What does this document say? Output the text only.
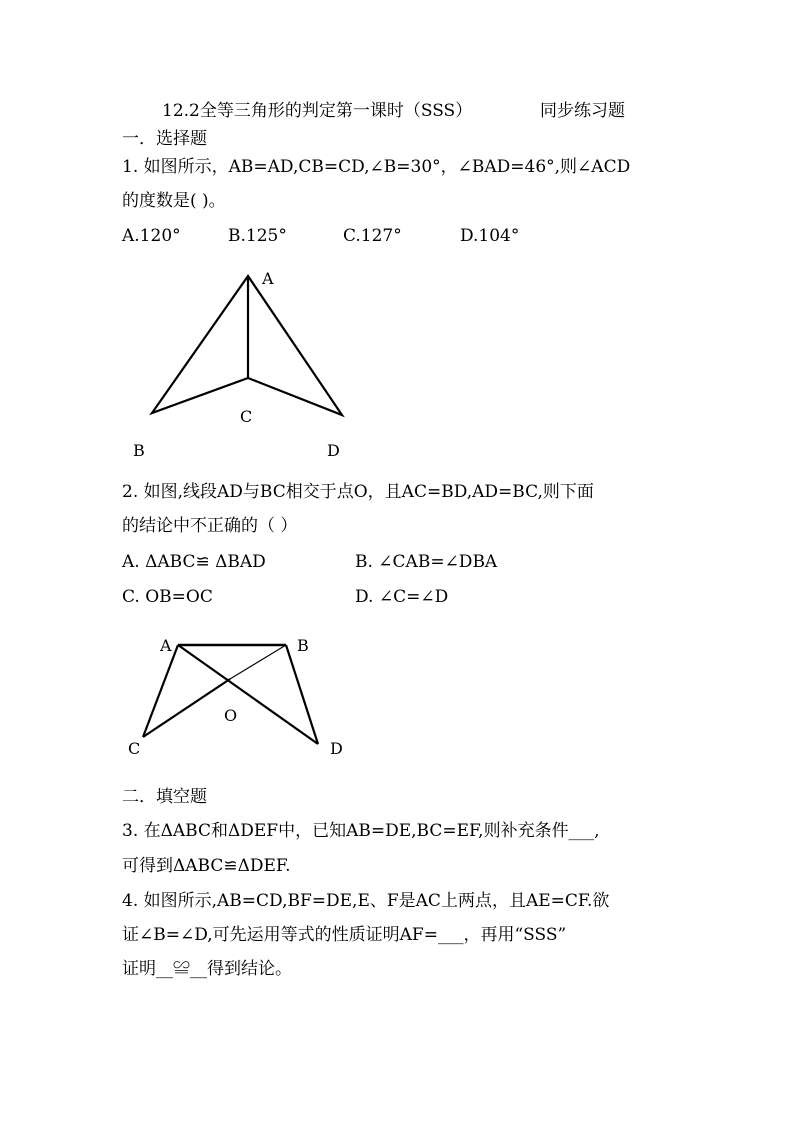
12.2全等三角形的判定第一课时（SSS）	同步练习题
一．选择题
1. 如图所示，AB=AD,CB=CD,∠B=30°，∠BAD=46°,则∠ACD
的度数是( )。
A.120°	B.125°	C.127°	D.104°
A
C
B	D
2. 如图,线段AD与BC相交于点O，且AC=BD,AD=BC,则下面
的结论中不正确的（ ）
A. ΔABC≌ ΔBAD	B. ∠CAB=∠DBA
C. OB=OC	D. ∠C=∠D
A	B
O
C	D
二．填空题
3. 在ΔABC和ΔDEF中，已知AB=DE,BC=EF,则补充条件___,
可得到ΔABC≌ΔDEF.
4. 如图所示,AB=CD,BF=DE,E、F是AC上两点，且AE=CF.欲
证∠B=∠D,可先运用等式的性质证明AF=___，再用“SSS”
证明__≌__得到结论。
